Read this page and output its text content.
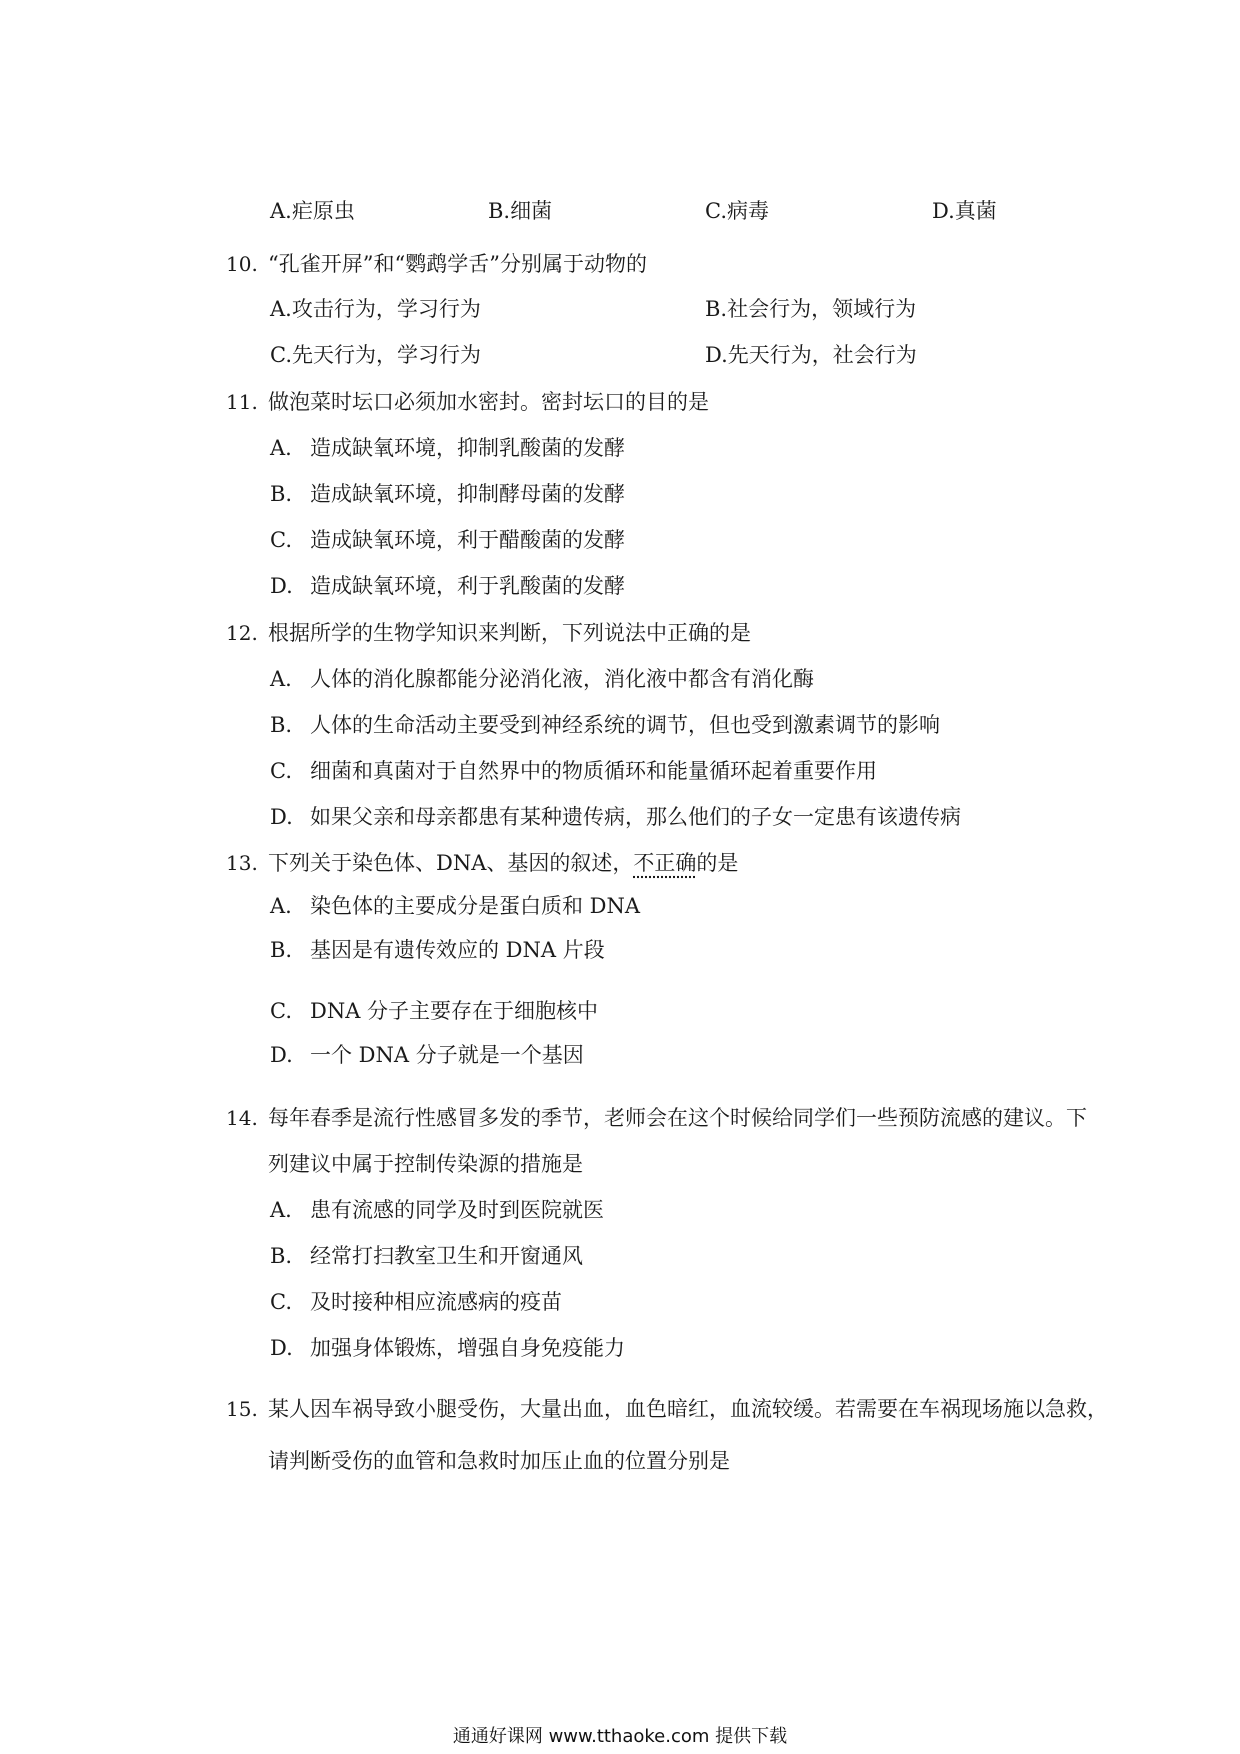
A.疟原虫	B.细菌	C.病毒	D.真菌
10. “孔雀开屏”和“鹦鹉学舌”分别属于动物的
A.攻击行为，学习行为	B.社会行为，领域行为
C.先天行为，学习行为	D.先天行为，社会行为
11. 做泡菜时坛口必须加水密封。密封坛口的目的是
A. 造成缺氧环境，抑制乳酸菌的发酵
B. 造成缺氧环境，抑制酵母菌的发酵
C. 造成缺氧环境，利于醋酸菌的发酵
D. 造成缺氧环境，利于乳酸菌的发酵
12. 根据所学的生物学知识来判断，下列说法中正确的是
A. 人体的消化腺都能分泌消化液，消化液中都含有消化酶
B. 人体的生命活动主要受到神经系统的调节，但也受到激素调节的影响
C. 细菌和真菌对于自然界中的物质循环和能量循环起着重要作用
D. 如果父亲和母亲都患有某种遗传病，那么他们的子女一定患有该遗传病
13. 下列关于染色体、DNA、基因的叙述，不正确的是
A. 染色体的主要成分是蛋白质和 DNA
B. 基因是有遗传效应的 DNA 片段
C. DNA 分子主要存在于细胞核中
D. 一个 DNA 分子就是一个基因
14. 每年春季是流行性感冒多发的季节，老师会在这个时候给同学们一些预防流感的建议。下
列建议中属于控制传染源的措施是
A. 患有流感的同学及时到医院就医
B. 经常打扫教室卫生和开窗通风
C. 及时接种相应流感病的疫苗
D. 加强身体锻炼，增强自身免疫能力
15. 某人因车祸导致小腿受伤，大量出血，血色暗红，血流较缓。若需要在车祸现场施以急救，
请判断受伤的血管和急救时加压止血的位置分别是
通通好课网 www.tthaoke.com 提供下载
